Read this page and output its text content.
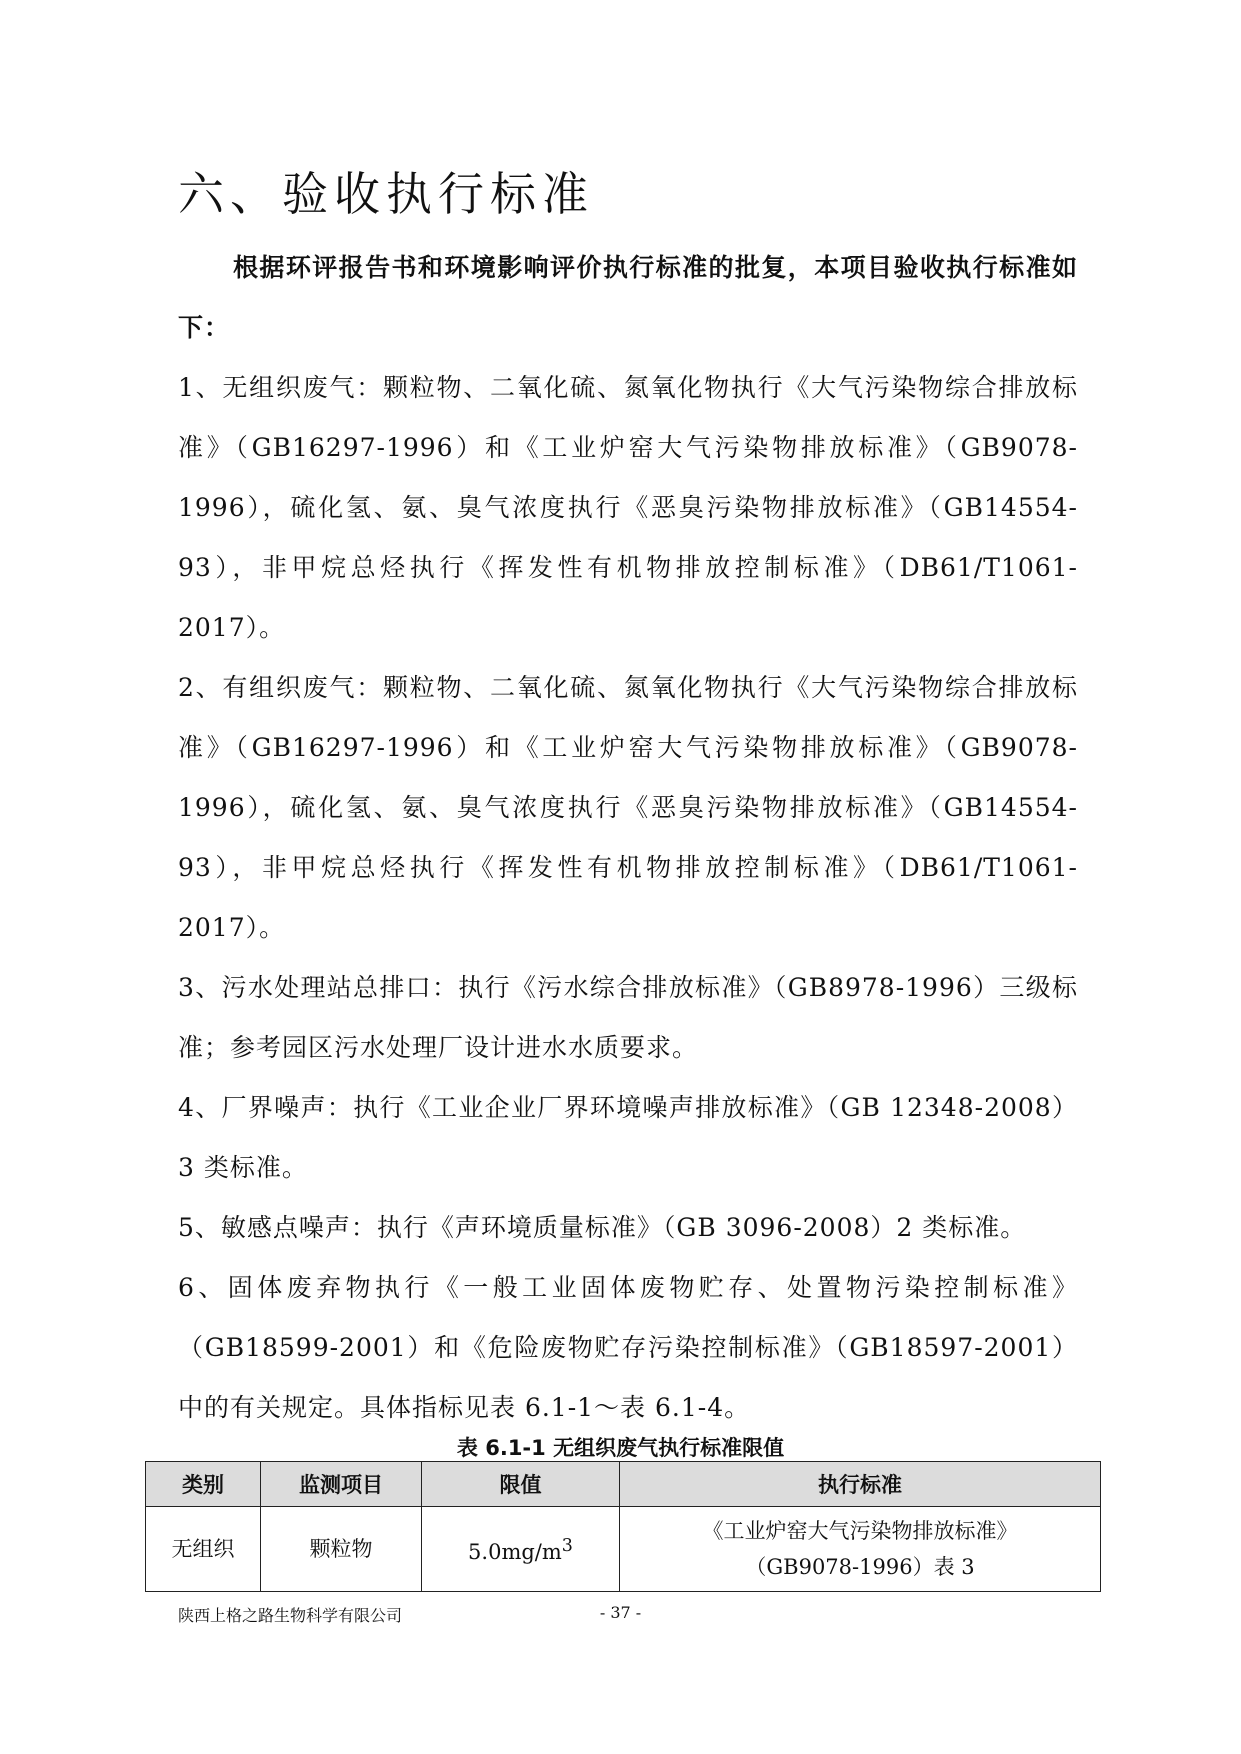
六、验收执行标准

根据环评报告书和环境影响评价执行标准的批复，本项目验收执行标准如下：

1、无组织废气：颗粒物、二氧化硫、氮氧化物执行《大气污染物综合排放标准》（GB16297-1996）和《工业炉窑大气污染物排放标准》（GB9078-1996），硫化氢、氨、臭气浓度执行《恶臭污染物排放标准》（GB14554-93），非甲烷总烃执行《挥发性有机物排放控制标准》（DB61/T1061-2017）。

2、有组织废气：颗粒物、二氧化硫、氮氧化物执行《大气污染物综合排放标准》（GB16297-1996）和《工业炉窑大气污染物排放标准》（GB9078-1996），硫化氢、氨、臭气浓度执行《恶臭污染物排放标准》（GB14554-93），非甲烷总烃执行《挥发性有机物排放控制标准》（DB61/T1061-2017）。

3、污水处理站总排口：执行《污水综合排放标准》（GB8978-1996）三级标准；参考园区污水处理厂设计进水水质要求。

4、厂界噪声：执行《工业企业厂界环境噪声排放标准》（GB 12348-2008）3 类标准。

5、敏感点噪声：执行《声环境质量标准》（GB 3096-2008）2 类标准。

6、固体废弃物执行《一般工业固体废物贮存、处置物污染控制标准》（GB18599-2001）和《危险废物贮存污染控制标准》（GB18597-2001）中的有关规定。具体指标见表 6.1-1～表 6.1-4。

表 6.1-1 无组织废气执行标准限值
类别	监测项目	限值	执行标准
无组织	颗粒物	$5.0mg/m^3$	《工业炉窑大气污染物排放标准》
（GB9078-1996）表 3
- 37 -
陕西上格之路生物科学有限公司
